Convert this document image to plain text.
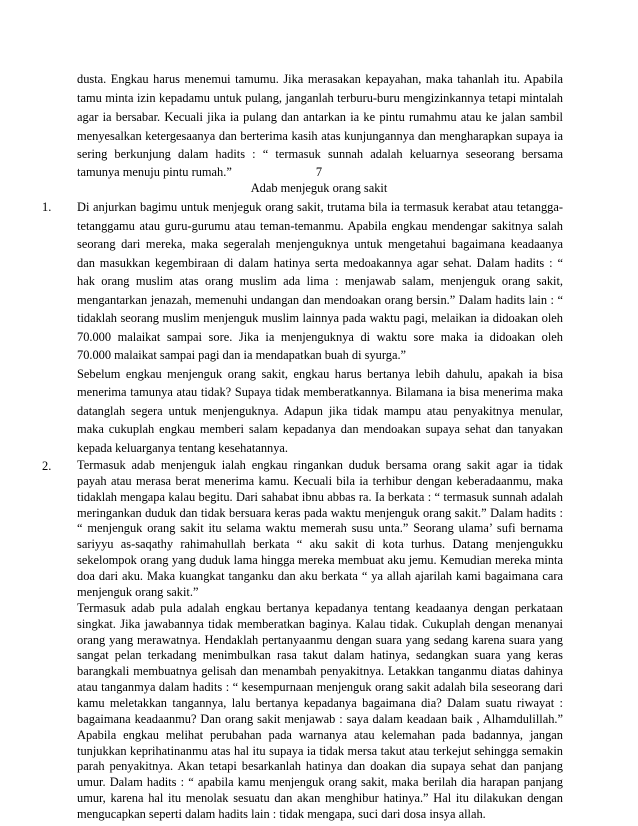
dusta. Engkau harus menemui tamumu. Jika merasakan kepayahan, maka tahanlah itu. Apabila
tamu minta izin kepadamu untuk pulang, janganlah terburu-buru mengizinkannya tetapi mintalah
agar ia bersabar. Kecuali jika ia pulang dan antarkan ia ke pintu rumahmu atau ke jalan sambil
menyesalkan ketergesaanya dan berterima kasih atas kunjungannya dan mengharapkan supaya ia
sering berkunjung dalam hadits : “ termasuk sunnah adalah keluarnya seseorang bersama
tamunya menuju pintu rumah.”	7
Adab menjeguk orang sakit
1. Di anjurkan bagimu untuk menjeguk orang sakit, trutama bila ia termasuk kerabat atau tetangga-
tetanggamu atau guru-gurumu atau teman-temanmu. Apabila engkau mendengar sakitnya salah
seorang dari mereka, maka segeralah menjenguknya untuk mengetahui bagaimana keadaanya
dan masukkan kegembiraan di dalam hatinya serta medoakannya agar sehat. Dalam hadits : “
hak orang muslim atas orang muslim ada lima : menjawab salam, menjenguk orang sakit,
mengantarkan jenazah, memenuhi undangan dan mendoakan orang bersin.” Dalam hadits lain : “
tidaklah seorang muslim menjenguk muslim lainnya pada waktu pagi, melaikan ia didoakan oleh
70.000 malaikat sampai sore. Jika ia menjenguknya di waktu sore maka ia didoakan oleh
70.000 malaikat sampai pagi dan ia mendapatkan buah di syurga.”
Sebelum engkau menjenguk orang sakit, engkau harus bertanya lebih dahulu, apakah ia bisa
menerima tamunya atau tidak? Supaya tidak memberatkannya. Bilamana ia bisa menerima maka
datanglah segera untuk menjenguknya. Adapun jika tidak mampu atau penyakitnya menular,
maka cukuplah engkau memberi salam kepadanya dan mendoakan supaya sehat dan tanyakan
kepada keluarganya tentang kesehatannya.
2. Termasuk adab menjenguk ialah engkau ringankan duduk bersama orang sakit agar ia tidak
payah atau merasa berat menerima kamu. Kecuali bila ia terhibur dengan keberadaanmu, maka
tidaklah mengapa kalau begitu. Dari sahabat ibnu abbas ra. Ia berkata : “ termasuk sunnah adalah
meringankan duduk dan tidak bersuara keras pada waktu menjenguk orang sakit.” Dalam hadits :
“ menjenguk orang sakit itu selama waktu memerah susu unta.” Seorang ulama’ sufi bernama
sariyyu as-saqathy rahimahullah berkata “ aku sakit di kota turhus. Datang menjengukku
sekelompok orang yang duduk lama hingga mereka membuat aku jemu. Kemudian mereka minta
doa dari aku. Maka kuangkat tanganku dan aku berkata “ ya allah ajarilah kami bagaimana cara
menjenguk orang sakit.”
Termasuk adab pula adalah engkau bertanya kepadanya tentang keadaanya dengan perkataan
singkat. Jika jawabannya tidak memberatkan baginya. Kalau tidak. Cukuplah dengan menanyai
orang yang merawatnya. Hendaklah pertanyaanmu dengan suara yang sedang karena suara yang
sangat pelan terkadang menimbulkan rasa takut dalam hatinya, sedangkan suara yang keras
barangkali membuatnya gelisah dan menambah penyakitnya. Letakkan tanganmu diatas dahinya
atau tanganmya dalam hadits : “ kesempurnaan menjenguk orang sakit adalah bila seseorang dari
kamu meletakkan tangannya, lalu bertanya kepadanya bagaimana dia? Dalam suatu riwayat :
bagaimana keadaanmu? Dan orang sakit menjawab : saya dalam keadaan baik , Alhamdulillah.”
Apabila engkau melihat perubahan pada warnanya atau kelemahan pada badannya, jangan
tunjukkan keprihatinanmu atas hal itu supaya ia tidak mersa takut atau terkejut sehingga semakin
parah penyakitnya. Akan tetapi besarkanlah hatinya dan doakan dia supaya sehat dan panjang
umur. Dalam hadits : “ apabila kamu menjenguk orang sakit, maka berilah dia harapan panjang
umur, karena hal itu menolak sesuatu dan akan menghibur hatinya.” Hal itu dilakukan dengan
mengucapkan seperti dalam hadits lain : tidak mengapa, suci dari dosa insya allah.
